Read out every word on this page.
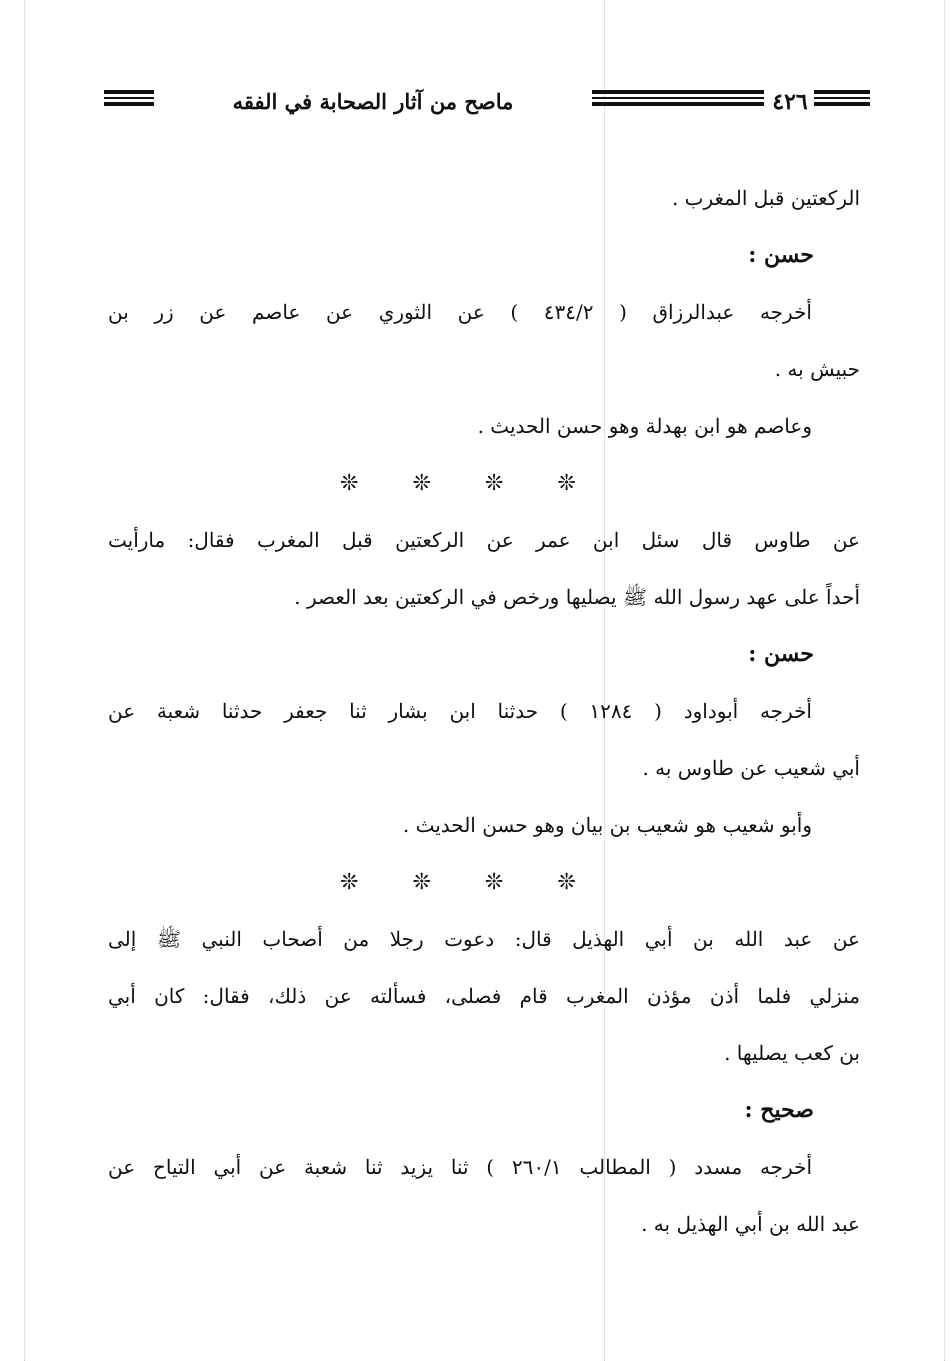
ماصح من آثار الصحابة في الفقه	٤٢٦
الركعتين قبل المغرب .
حسن :
أخرجه عبدالرزاق ( ٤٣٤/٢ ) عن الثوري عن عاصم عن زر بن
حبيش به .
وعاصم هو ابن بهدلة وهو حسن الحديث .
❊ ❊ ❊ ❊
عن طاوس قال سئل ابن عمر عن الركعتين قبل المغرب فقال: مارأيت
أحداً على عهد رسول الله ﷺ يصليها ورخص في الركعتين بعد العصر .
حسن :
أخرجه أبوداود ( ١٢٨٤ ) حدثنا ابن بشار ثنا جعفر حدثنا شعبة عن
أبي شعيب عن طاوس به .
وأبو شعيب هو شعيب بن بيان وهو حسن الحديث .
❊ ❊ ❊ ❊
عن عبد الله بن أبي الهذيل قال: دعوت رجلا من أصحاب النبي ﷺ إلى
منزلي فلما أذن مؤذن المغرب قام فصلى، فسألته عن ذلك، فقال: كان أبي
بن كعب يصليها .
صحيح :
أخرجه مسدد ( المطالب ٢٦٠/١ ) ثنا يزيد ثنا شعبة عن أبي التياح عن
عبد الله بن أبي الهذيل به .
